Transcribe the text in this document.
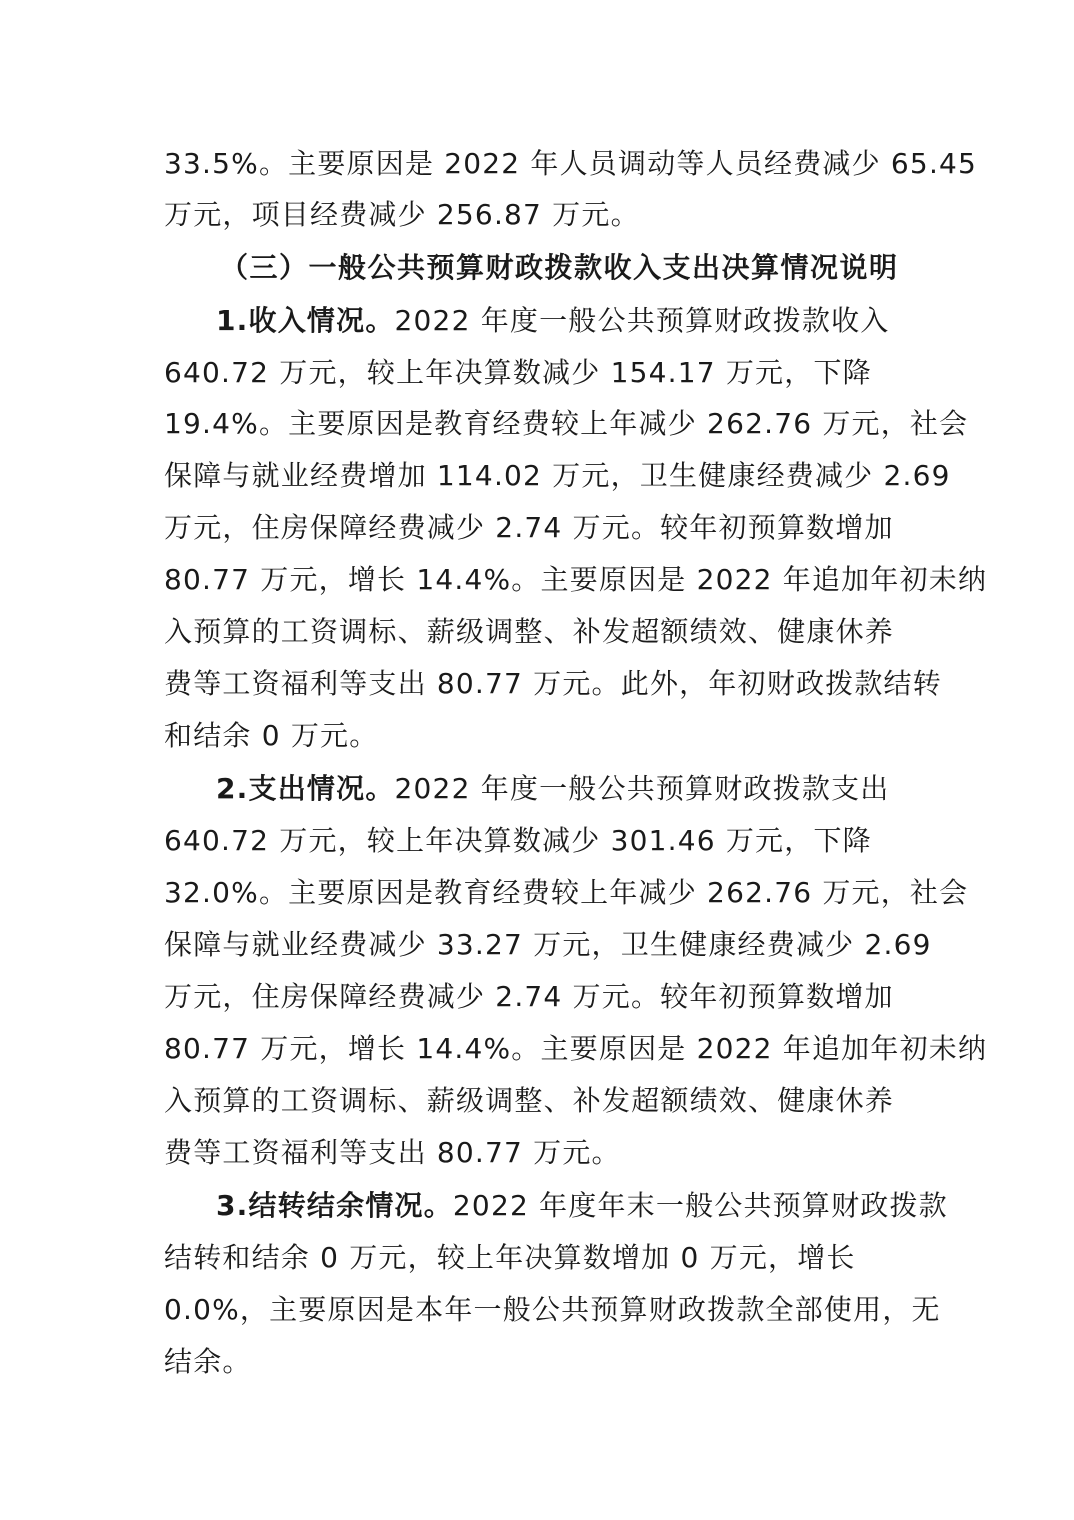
33.5%。主要原因是 2022 年人员调动等人员经费减少 65.45
万元，项目经费减少 256.87 万元。
（三）一般公共预算财政拨款收入支出决算情况说明
1.收入情况。2022 年度一般公共预算财政拨款收入
640.72 万元，较上年决算数减少 154.17 万元，下降
19.4%。主要原因是教育经费较上年减少 262.76 万元，社会
保障与就业经费增加 114.02 万元，卫生健康经费减少 2.69
万元，住房保障经费减少 2.74 万元。较年初预算数增加
80.77 万元，增长 14.4%。主要原因是 2022 年追加年初未纳
入预算的工资调标、薪级调整、补发超额绩效、健康休养
费等工资福利等支出 80.77 万元。此外，年初财政拨款结转
和结余 0 万元。
2.支出情况。2022 年度一般公共预算财政拨款支出
640.72 万元，较上年决算数减少 301.46 万元，下降
32.0%。主要原因是教育经费较上年减少 262.76 万元，社会
保障与就业经费减少 33.27 万元，卫生健康经费减少 2.69
万元，住房保障经费减少 2.74 万元。较年初预算数增加
80.77 万元，增长 14.4%。主要原因是 2022 年追加年初未纳
入预算的工资调标、薪级调整、补发超额绩效、健康休养
费等工资福利等支出 80.77 万元。
3.结转结余情况。2022 年度年末一般公共预算财政拨款
结转和结余 0 万元，较上年决算数增加 0 万元，增长
0.0%，主要原因是本年一般公共预算财政拨款全部使用，无
结余。
